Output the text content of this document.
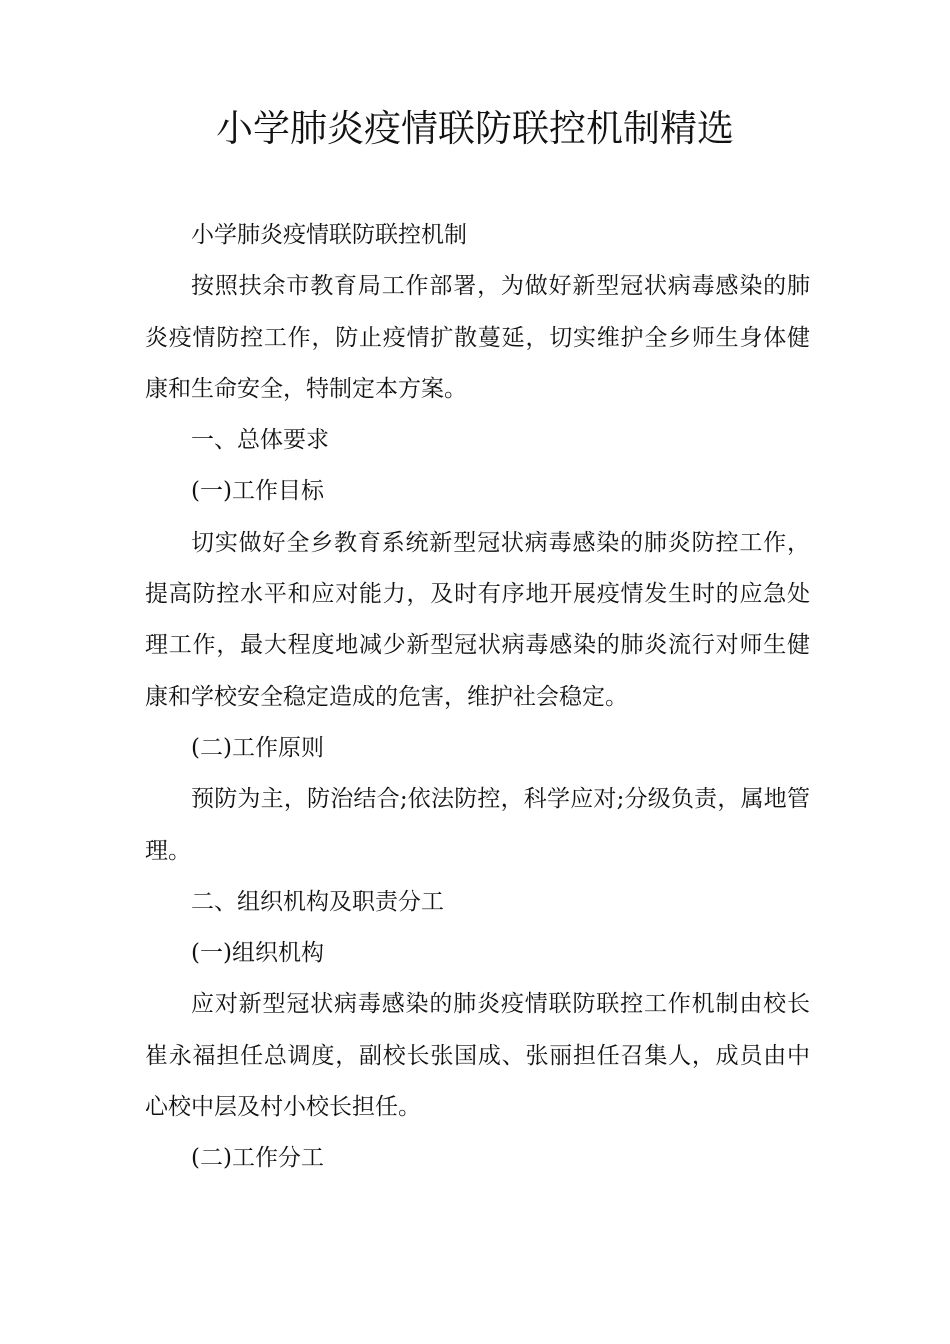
小学肺炎疫情联防联控机制精选

小学肺炎疫情联防联控机制

按照扶余市教育局工作部署，为做好新型冠状病毒感染的肺炎疫情防控工作，防止疫情扩散蔓延，切实维护全乡师生身体健康和生命安全，特制定本方案。

一、总体要求

(一)工作目标

切实做好全乡教育系统新型冠状病毒感染的肺炎防控工作，提高防控水平和应对能力，及时有序地开展疫情发生时的应急处理工作，最大程度地减少新型冠状病毒感染的肺炎流行对师生健康和学校安全稳定造成的危害，维护社会稳定。

(二)工作原则

预防为主，防治结合;依法防控，科学应对;分级负责，属地管理。

二、组织机构及职责分工

(一)组织机构

应对新型冠状病毒感染的肺炎疫情联防联控工作机制由校长崔永福担任总调度，副校长张国成、张丽担任召集人，成员由中心校中层及村小校长担任。

(二)工作分工
